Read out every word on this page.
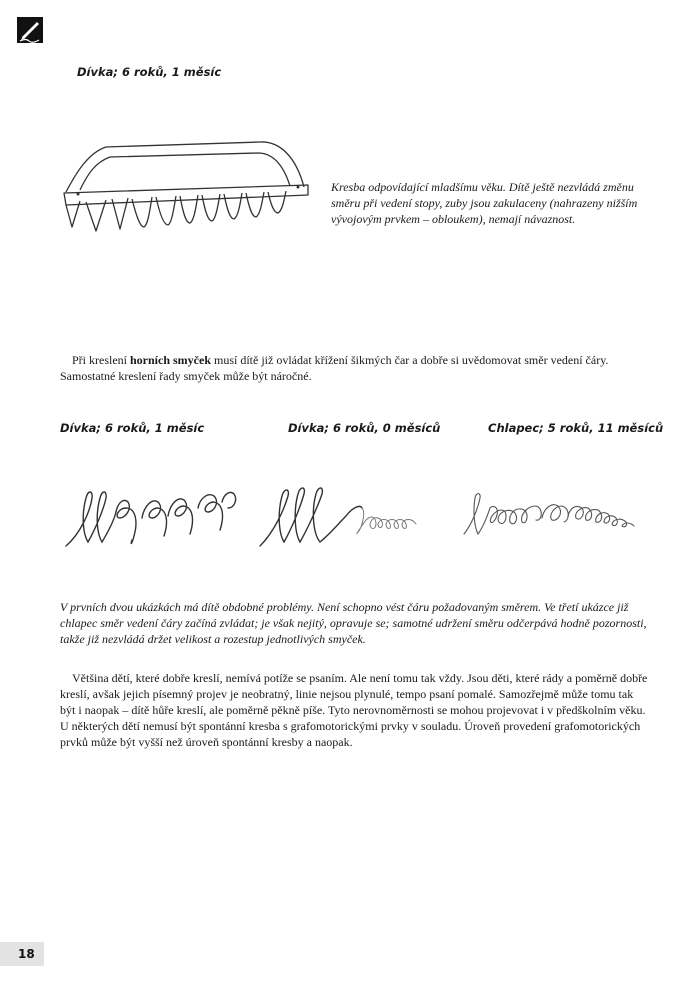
Dívka; 6 roků, 1 měsíc
Kresba odpovídající mladšímu věku. Dítě ještě nezvládá změnu směru při vedení stopy, zuby jsou zakulaceny (nahrazeny nižším vývojovým prvkem – obloukem), nemají návaznost.

Při kreslení horních smyček musí dítě již ovládat křížení šikmých čar a dobře si uvědomovat směr vedení čáry. Samostatné kreslení řady smyček může být náročné.

Dívka; 6 roků, 1 měsíc	Dívka; 6 roků, 0 měsíců	Chlapec; 5 roků, 11 měsíců
V prvních dvou ukázkách má dítě obdobné problémy. Není schopno vést čáru požadovaným směrem. Ve třetí ukázce již chlapec směr vedení čáry začíná zvládat; je však nejitý, opravuje se; samotné udržení směru odčerpává hodně pozornosti, takže již nezvládá držet velikost a rozestup jednotlivých smyček.

Většina dětí, které dobře kreslí, nemívá potíže se psaním. Ale není tomu tak vždy. Jsou děti, které rády a poměrně dobře kreslí, avšak jejich písemný projev je neobratný, linie nejsou plynulé, tempo psaní pomalé. Samozřejmě může tomu tak být i naopak – dítě hůře kreslí, ale poměrně pěkně píše. Tyto nerovnoměrnosti se mohou projevovat i v předškolním věku. U některých dětí nemusí být spontánní kresba s grafomotorickými prvky v souladu. Úroveň provedení grafomotorických prvků může být vyšší než úroveň spontánní kresby a naopak.

18
